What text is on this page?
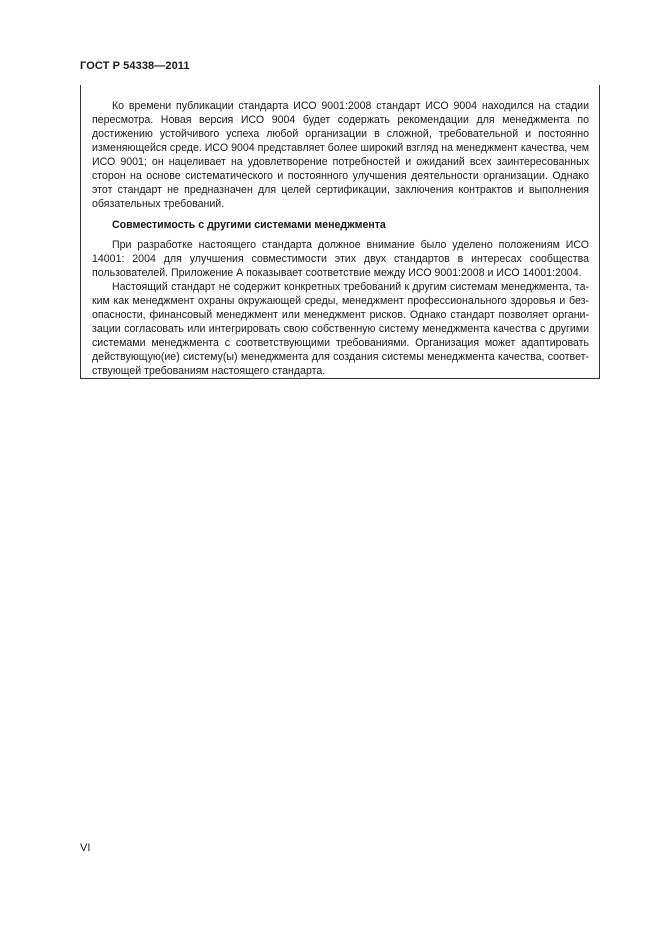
ГОСТ Р 54338—2011

Ко времени публикации стандарта ИСО 9001:2008 стандарт ИСО 9004 находился на стадии пересмотра. Новая версия ИСО 9004 будет содержать рекомендации для менеджмента по достижению устойчивого успеха любой организации в сложной, требовательной и постоянно изменяющейся среде. ИСО 9004 представляет более широкий взгляд на менеджмент качества, чем ИСО 9001; он нацеливает на удовлетворение потребностей и ожиданий всех заинтересованных сторон на основе систематического и постоянного улучшения деятельности организации. Однако этот стандарт не предназначен для целей сертификации, заключения контрактов и выполнения обязательных требований.

Совместимость с другими системами менеджмента

При разработке настоящего стандарта должное внимание было уделено положениям ИСО 14001: 2004 для улучшения совместимости этих двух стандартов в интересах сообщества пользователей. Приложение А показывает соответствие между ИСО 9001:2008 и ИСО 14001:2004.

Настоящий стандарт не содержит конкретных требований к другим системам менеджмента, таким как менеджмент охраны окружающей среды, менеджмент профессионального здоровья и безопасности, финансовый менеджмент или менеджмент рисков. Однако стандарт позволяет организации согласовать или интегрировать свою собственную систему менеджмента качества с другими системами менеджмента с соответствующими требованиями. Организация может адаптировать действующую(ие) систему(ы) менеджмента для создания системы менеджмента качества, соответствующей требованиям настоящего стандарта.

VI
